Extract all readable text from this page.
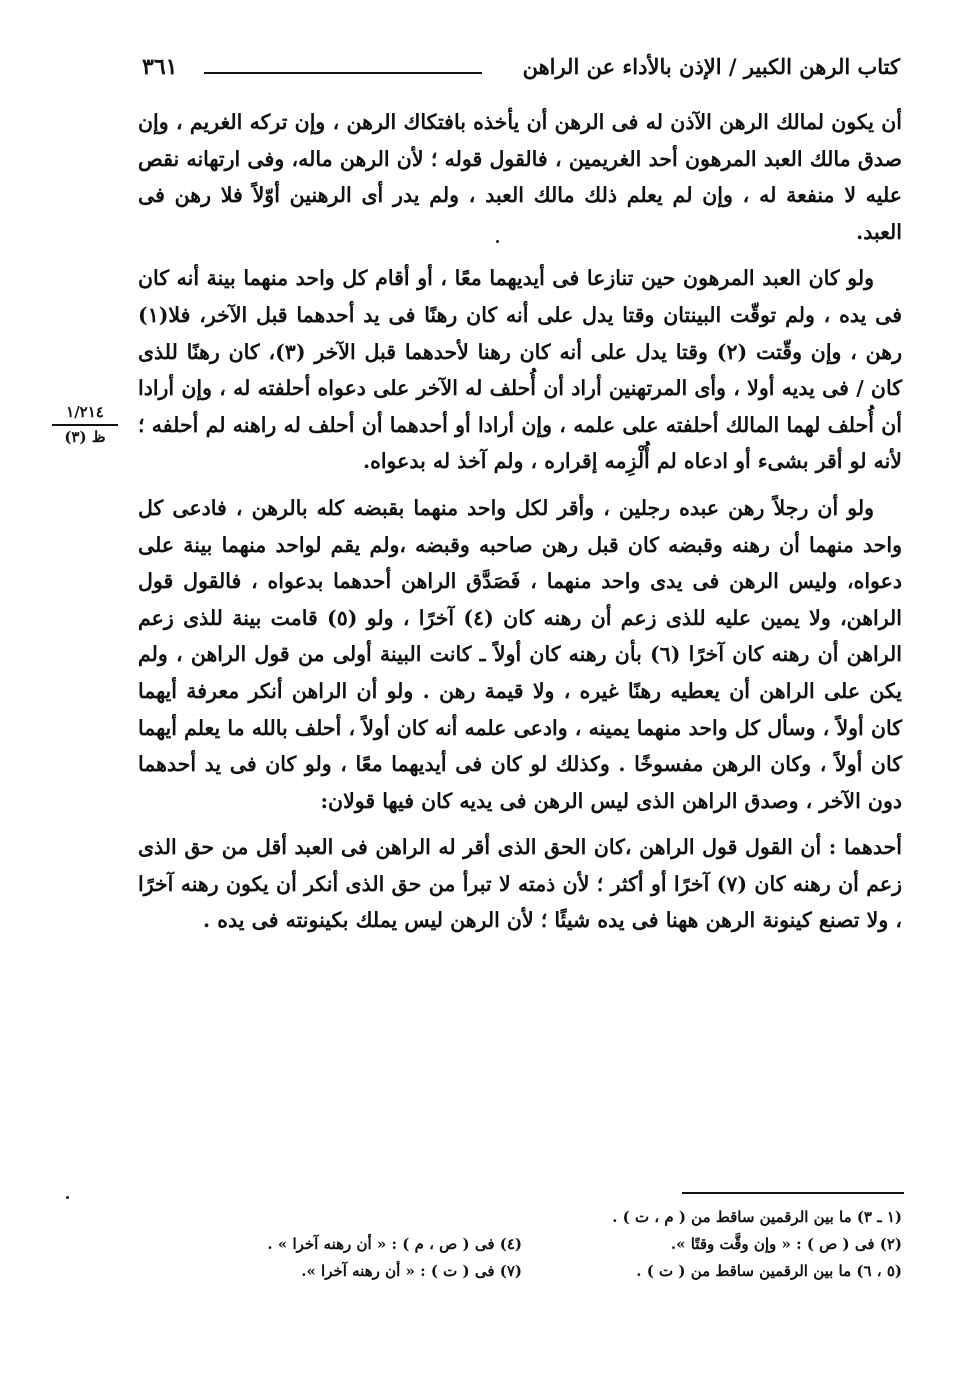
٣٦١	كتاب الرهن الكبير / الإذن بالأداء عن الراهن
١/٢١٤
ظ (٣)

أن يكون لمالك الرهن الآذن له فى الرهن أن يأخذه بافتكاك الرهن ، وإن تركه الغريم ، وإن صدق مالك العبد المرهون أحد الغريمين ، فالقول قوله ؛ لأن الرهن ماله، وفى ارتهانه نقص عليه لا منفعة له ، وإن لم يعلم ذلك مالك العبد ، ولم يدر أى الرهنين أوّلاً فلا رهن فى العبد.

ولو كان العبد المرهون حين تنازعا فى أيديهما معًا ، أو أقام كل واحد منهما بينة أنه كان فى يده ، ولم توقّت البينتان وقتا يدل على أنه كان رهنًا فى يد أحدهما قبل الآخر، فلا(١) رهن ، وإن وقّتت (٢) وقتا يدل على أنه كان رهنا لأحدهما قبل الآخر (٣)، كان رهنًا للذى كان / فى يديه أولا ، وأى المرتهنين أراد أن أُحلف له الآخر على دعواه أحلفته له ، وإن أرادا أن أُحلف لهما المالك أحلفته على علمه ، وإن أرادا أو أحدهما أن أحلف له راهنه لم أحلفه ؛ لأنه لو أقر بشىء أو ادعاه لم أُلْزِمه إقراره ، ولم آخذ له بدعواه.

ولو أن رجلاً رهن عبده رجلين ، وأقر لكل واحد منهما بقبضه كله بالرهن ، فادعى كل واحد منهما أن رهنه وقبضه كان قبل رهن صاحبه وقبضه ،ولم يقم لواحد منهما بينة على دعواه، وليس الرهن فى يدى واحد منهما ، فَصَدَّق الراهن أحدهما بدعواه ، فالقول قول الراهن، ولا يمين عليه للذى زعم أن رهنه كان (٤) آخرًا ، ولو (٥) قامت بينة للذى زعم الراهن أن رهنه كان آخرًا (٦) بأن رهنه كان أولاً ـ كانت البينة أولى من قول الراهن ، ولم يكن على الراهن أن يعطيه رهنًا غيره ، ولا قيمة رهن . ولو أن الراهن أنكر معرفة أيهما كان أولاً ، وسأل كل واحد منهما يمينه ، وادعى علمه أنه كان أولاً ، أحلف بالله ما يعلم أيهما كان أولاً ، وكان الرهن مفسوخًا . وكذلك لو كان فى أيديهما معًا ، ولو كان فى يد أحدهما دون الآخر ، وصدق الراهن الذى ليس الرهن فى يديه كان فيها قولان:

أحدهما : أن القول قول الراهن ،كان الحق الذى أقر له الراهن فى العبد أقل من حق الذى زعم أن رهنه كان (٧) آخرًا أو أكثر ؛ لأن ذمته لا تبرأ من حق الذى أنكر أن يكون رهنه آخرًا ، ولا تصنع كينونة الرهن ههنا فى يده شيئًا ؛ لأن الرهن ليس يملك بكينونته فى يده .

(١ ـ ٣) ما بين الرقمين ساقط من ( م ، ت ) .
(٢) فى ( ص ) : « وإن وقَّت وقتًا ».
(٤) فى ( ص ، م ) : « أن رهنه آخرا » .
(٥ ، ٦) ما بين الرقمين ساقط من ( ت ) .
(٧) فى ( ت ) : « أن رهنه آخرا ».
